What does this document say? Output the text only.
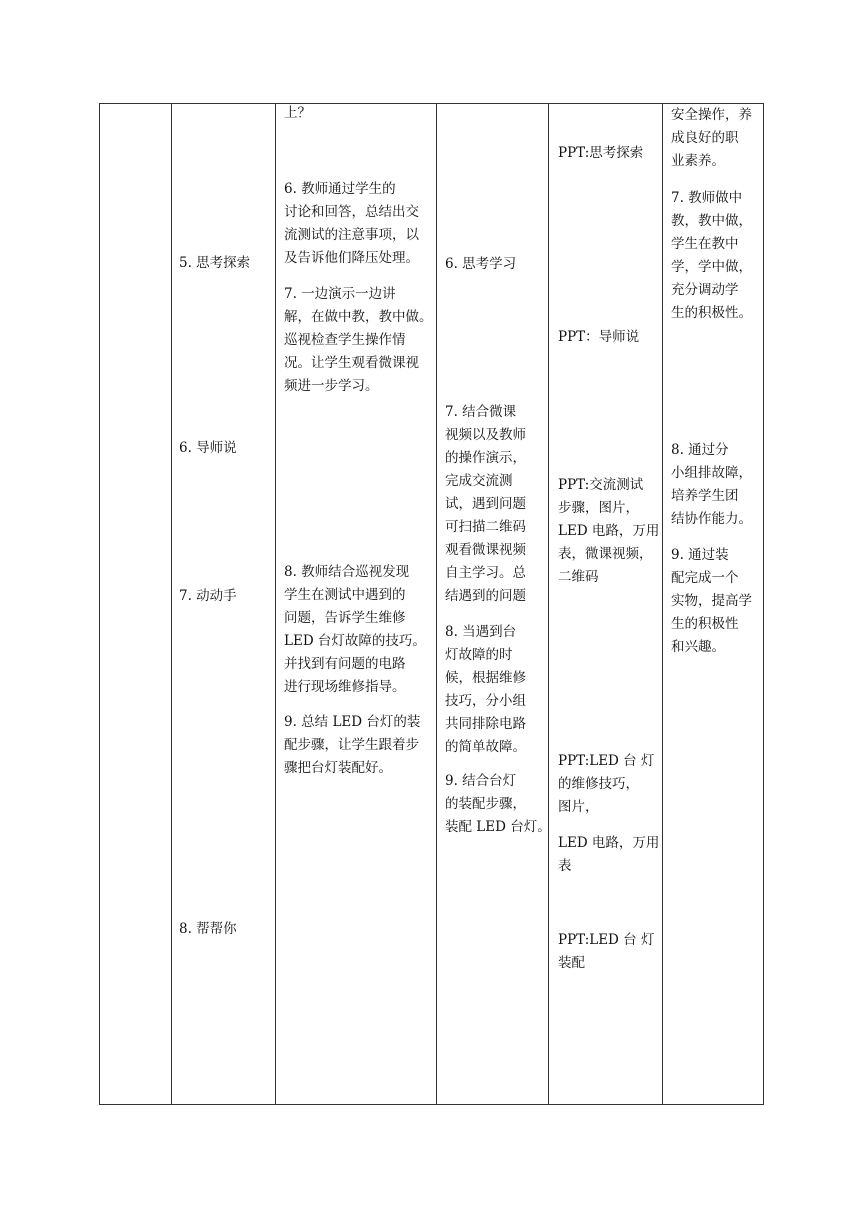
5. 思考探索

6. 导师说

7. 动动手

8. 帮帮你

上？

6. 教师通过学生的

讨论和回答，总结出交

流测试的注意事项，以

及告诉他们降压处理。

7. 一边演示一边讲

解，在做中教，教中做。

巡视检查学生操作情

况。让学生观看微课视

频进一步学习。

8. 教师结合巡视发现

学生在测试中遇到的

问题，告诉学生维修

LED 台灯故障的技巧。

并找到有问题的电路

进行现场维修指导。

9. 总结 LED 台灯的装

配步骤，让学生跟着步

骤把台灯装配好。

6. 思考学习

7. 结合微课

视频以及教师

的操作演示，

完成交流测

试，遇到问题

可扫描二维码

观看微课视频

自主学习。总

结遇到的问题

8. 当遇到台

灯故障的时

候，根据维修

技巧，分小组

共同排除电路

的简单故障。

9. 结合台灯

的装配步骤，

装配 LED 台灯。

PPT:思考探索

PPT：导师说

PPT:交流测试

步骤，图片，

LED 电路，万用

表，微课视频，

二维码

PPT:LED 台 灯

的维修技巧，

图片，

LED 电路，万用

表

PPT:LED 台 灯

装配

安全操作，养

成良好的职

业素养。

7. 教师做中

教，教中做，

学生在教中

学，学中做，

充分调动学

生的积极性。

8. 通过分

小组排故障，

培养学生团

结协作能力。

9. 通过装

配完成一个

实物，提高学

生的积极性

和兴趣。
